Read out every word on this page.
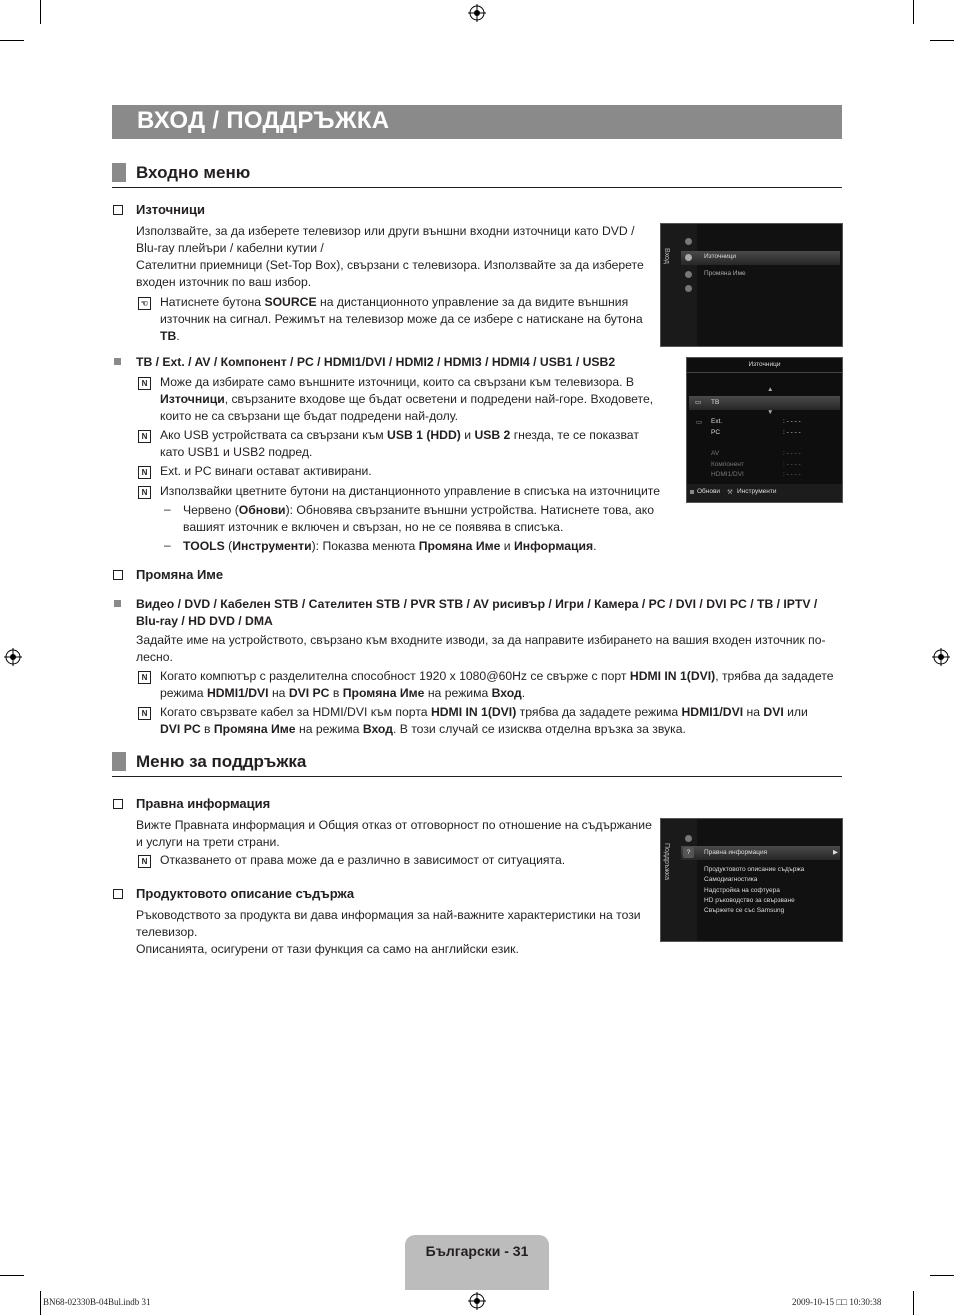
ВХОД / ПОДДРЪЖКА
Входно меню
Източници
Използвайте, за да изберете телевизор или други външни входни източници като DVD /
Blu-ray плейъри / кабелни кутии /
Сателитни приемници (Set-Top Box), свързани с телевизора. Използвайте за да изберете
входен източник по ваш избор.
☜ Натиснете бутона SOURCE на дистанционното управление за да видите външния
източник на сигнал. Режимът на телевизор може да се избере с натискане на бутона
TB.
TB / Ext. / AV / Компонент / PC / HDMI1/DVI / HDMI2 / HDMI3 / HDMI4 / USB1 / USB2
N Може да избирате само външните източници, които са свързани към телевизора. В
Източници, свързаните входове ще бъдат осветени и подредени най-горе. Входовете,
които не са свързани ще бъдат подредени най-долу.
N Ако USB устройствата са свързани към USB 1 (HDD) и USB 2 гнезда, те се показват
като USB1 и USB2 подред.
N Ext. и PC винаги остават активирани.
N Използвайки цветните бутони на дистанционното управление в списъка на източниците
– Червено (Обнови): Обновява свързаните външни устройства. Натиснете това, ако
вашият източник е включен и свързан, но не се появява в списъка.
– TOOLS (Инструменти): Показва менюта Промяна Име и Информация.
Промяна Име
Видео / DVD / Кабелен STB / Сателитен STB / PVR STB / AV рисивър / Игри / Камера / PC / DVI / DVI PC / TB / IPTV /
Blu-ray / HD DVD / DMA
Задайте име на устройството, свързано към входните изводи, за да направите избирането на вашия входен източник по-
лесно.
N Когато компютър с разделителна способност 1920 x 1080@60Hz се свърже с порт HDMI IN 1(DVI), трябва да зададете
режима HDMI1/DVI на DVI PC в Промяна Име на режима Вход.
N Когато свързвате кабел за HDMI/DVI към порта HDMI IN 1(DVI) трябва да зададете режима HDMI1/DVI на DVI или
DVI PC в Промяна Име на режима Вход. В този случай се изисква отделна връзка за звука.
Меню за поддръжка
Правна информация
Вижте Правната информация и Общия отказ от отговорност по отношение на съдържание
и услуги на трети страни.
N Отказването от права може да е различно в зависимост от ситуацията.
Продуктовото описание съдържа
Ръководството за продукта ви дава информация за най-важните характеристики на този
телевизор.
Описанията, осигурени от тази функция са само на английски език.
Вход	Източници
Промяна Име
Източници
▲
▭ TB
▼
▭ Ext.	: - - - -
PC	: - - - -
AV	: - - - -
Компонент	: - - - -
HDMI1/DVI	: - - - -
Обнови ⚒ Инструменти
Поддръжка	?	Правна информация	▶
Продуктовото описание съдържа
Самодиагностика
Надстройка на софтуера
HD ръководство за свързване
Свържете се със Samsung
Български - 31
BN68-02330B-04Bul.indb 31	2009-10-15 □□ 10:30:38
